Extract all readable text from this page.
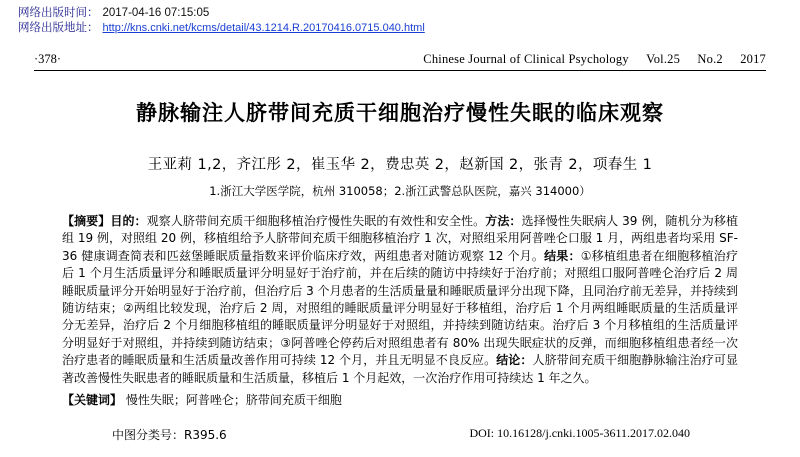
网络出版时间： 2017-04-16 07:15:05
网络出版地址： http://kns.cnki.net/kcms/detail/43.1214.R.20170416.0715.040.html
·378·	Chinese Journal of Clinical Psychology Vol.25 No.2 2017
静脉输注人脐带间充质干细胞治疗慢性失眠的临床观察
王亚莉 1,2，齐江彤 2，崔玉华 2，费忠英 2，赵新国 2，张青 2，项春生 1
1.浙江大学医学院，杭州 310058；2.浙江武警总队医院，嘉兴 314000）

【摘要】目的：观察人脐带间充质干细胞移植治疗慢性失眠的有效性和安全性。方法：选择慢性失眠病人 39 例，随机分为移植组 19 例，对照组 20 例，移植组给予人脐带间充质干细胞移植治疗 1 次，对照组采用阿普唑仑口服 1 月，两组患者均采用 SF-36 健康调查简表和匹兹堡睡眠质量指数来评价临床疗效，两组患者对随访观察 12 个月。结果：①移植组患者在细胞移植治疗后 1 个月生活质量评分和睡眠质量评分明显好于治疗前，并在后续的随访中持续好于治疗前；对照组口服阿普唑仑治疗后 2 周睡眠质量评分开始明显好于治疗前，但治疗后 3 个月患者的生活质量量和睡眠质量评分出现下降，且同治疗前无差异，并持续到随访结束；②两组比较发现，治疗后 2 周，对照组的睡眠质量评分明显好于移植组，治疗后 1 个月两组睡眠质量的生活质量评分无差异，治疗后 2 个月细胞移植组的睡眠质量评分明显好于对照组，并持续到随访结束。治疗后 3 个月移植组的生活质量评分明显好于对照组，并持续到随访结束；③阿普唑仑停药后对照组患者有 80% 出现失眠症状的反弹，而细胞移植组患者经一次治疗患者的睡眠质量和生活质量改善作用可持续 12 个月，并且无明显不良反应。结论：人脐带间充质干细胞静脉输注治疗可显著改善慢性失眠患者的睡眠质量和生活质量，移植后 1 个月起效，一次治疗作用可持续达 1 年之久。

【关键词】 慢性失眠；阿普唑仑；脐带间充质干细胞
中图分类号：R395.6	DOI: 10.16128/j.cnki.1005-3611.2017.02.040
